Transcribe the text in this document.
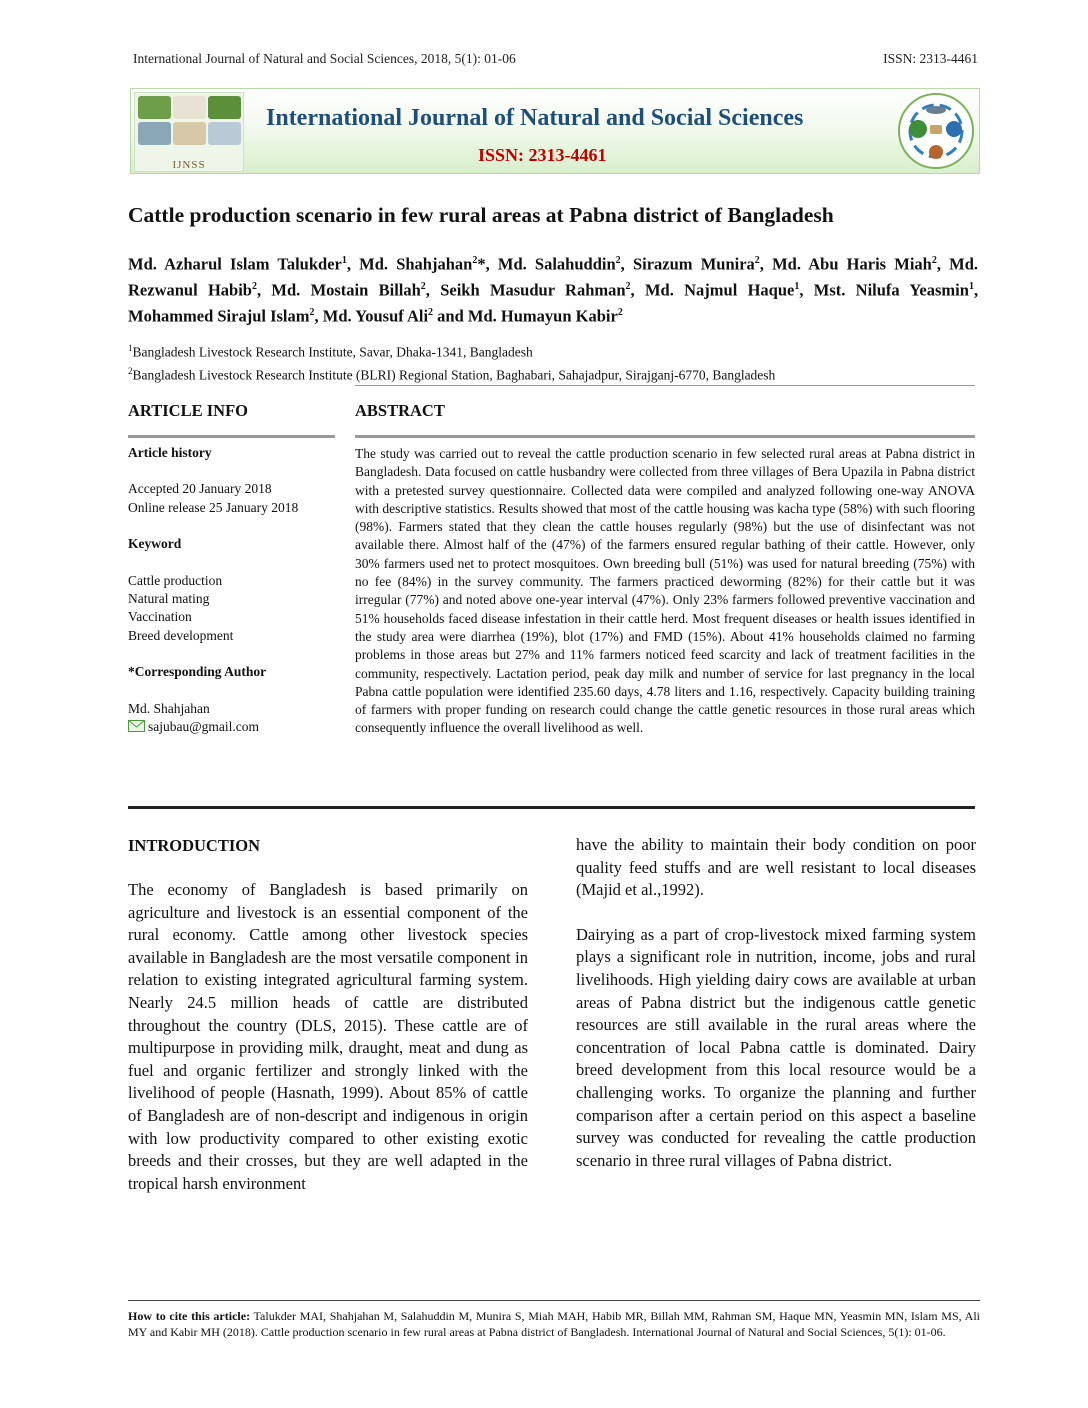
International Journal of Natural and Social Sciences, 2018, 5(1): 01-06	ISSN: 2313-4461
IJNSS
International Journal of Natural and Social Sciences
ISSN: 2313-4461
Cattle production scenario in few rural areas at Pabna district of Bangladesh
Md. Azharul Islam Talukder$^1$, Md. Shahjahan$^2$*, Md. Salahuddin$^2$, Sirazum Munira$^2$, Md. Abu Haris Miah$^2$, Md. Rezwanul Habib$^2$, Md. Mostain Billah$^2$, Seikh Masudur Rahman$^2$, Md. Najmul Haque$^1$, Mst. Nilufa Yeasmin$^1$, Mohammed Sirajul Islam$^2$, Md. Yousuf Ali$^2$ and Md. Humayun Kabir$^2$
$^1$Bangladesh Livestock Research Institute, Savar, Dhaka-1341, Bangladesh
$^2$Bangladesh Livestock Research Institute (BLRI) Regional Station, Baghabari, Sahajadpur, Sirajganj-6770, Bangladesh
ARTICLE INFO	ABSTRACT
Article history
Accepted 20 January 2018
Online release 25 January 2018
Keyword
Cattle production
Natural mating
Vaccination
Breed development
*Corresponding Author
Md. Shahjahan
sajubau@gmail.com
The study was carried out to reveal the cattle production scenario in few selected rural areas at Pabna district in Bangladesh. Data focused on cattle husbandry were collected from three villages of Bera Upazila in Pabna district with a pretested survey questionnaire. Collected data were compiled and analyzed following one-way ANOVA with descriptive statistics. Results showed that most of the cattle housing was kacha type (58%) with such flooring (98%). Farmers stated that they clean the cattle houses regularly (98%) but the use of disinfectant was not available there. Almost half of the (47%) of the farmers ensured regular bathing of their cattle. However, only 30% farmers used net to protect mosquitoes. Own breeding bull (51%) was used for natural breeding (75%) with no fee (84%) in the survey community. The farmers practiced deworming (82%) for their cattle but it was irregular (77%) and noted above one-year interval (47%). Only 23% farmers followed preventive vaccination and 51% households faced disease infestation in their cattle herd. Most frequent diseases or health issues identified in the study area were diarrhea (19%), blot (17%) and FMD (15%). About 41% households claimed no farming problems in those areas but 27% and 11% farmers noticed feed scarcity and lack of treatment facilities in the community, respectively. Lactation period, peak day milk and number of service for last pregnancy in the local Pabna cattle population were identified 235.60 days, 4.78 liters and 1.16, respectively. Capacity building training of farmers with proper funding on research could change the cattle genetic resources in those rural areas which consequently influence the overall livelihood as well.
INTRODUCTION

The economy of Bangladesh is based primarily on agriculture and livestock is an essential component of the rural economy. Cattle among other livestock species available in Bangladesh are the most versatile component in relation to existing integrated agricultural farming system. Nearly 24.5 million heads of cattle are distributed throughout the country (DLS, 2015). These cattle are of multipurpose in providing milk, draught, meat and dung as fuel and organic fertilizer and strongly linked with the livelihood of people (Hasnath, 1999). About 85% of cattle of Bangladesh are of non-descript and indigenous in origin with low productivity compared to other existing exotic breeds and their crosses, but they are well adapted in the tropical harsh environment

have the ability to maintain their body condition on poor quality feed stuffs and are well resistant to local diseases (Majid et al.,1992).

Dairying as a part of crop-livestock mixed farming system plays a significant role in nutrition, income, jobs and rural livelihoods. High yielding dairy cows are available at urban areas of Pabna district but the indigenous cattle genetic resources are still available in the rural areas where the concentration of local Pabna cattle is dominated. Dairy breed development from this local resource would be a challenging works. To organize the planning and further comparison after a certain period on this aspect a baseline survey was conducted for revealing the cattle production scenario in three rural villages of Pabna district.

How to cite this article: Talukder MAI, Shahjahan M, Salahuddin M, Munira S, Miah MAH, Habib MR, Billah MM, Rahman SM, Haque MN, Yeasmin MN, Islam MS, Ali MY and Kabir MH (2018). Cattle production scenario in few rural areas at Pabna district of Bangladesh. International Journal of Natural and Social Sciences, 5(1): 01-06.
